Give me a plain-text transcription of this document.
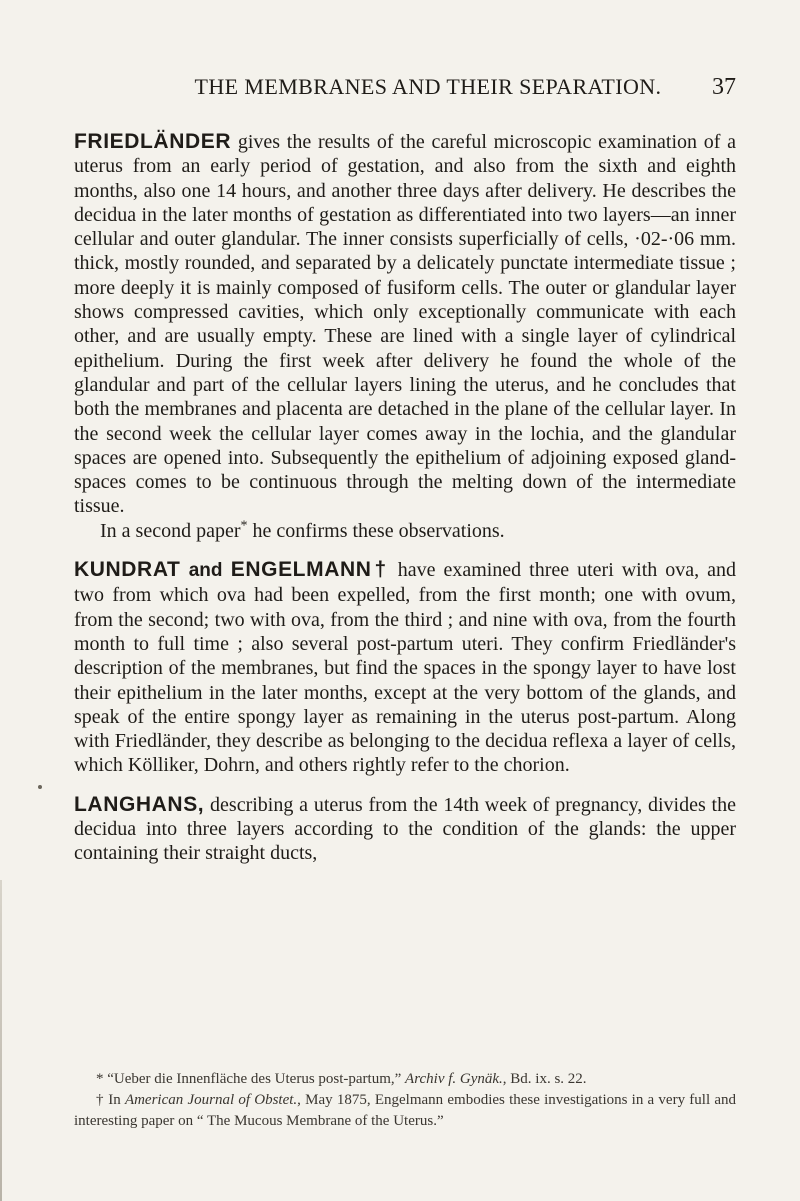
THE MEMBRANES AND THEIR SEPARATION.	37

FRIEDLÄNDER gives the results of the careful microscopic examination of a uterus from an early period of gestation, and also from the sixth and eighth months, also one 14 hours, and another three days after delivery. He describes the decidua in the later months of gestation as differentiated into two layers—an inner cellular and outer glandular. The inner consists superficially of cells, ·02-·06 mm. thick, mostly rounded, and separated by a delicately punctate intermediate tissue ; more deeply it is mainly composed of fusiform cells. The outer or glandular layer shows compressed cavities, which only exceptionally communicate with each other, and are usually empty. These are lined with a single layer of cylindrical epithelium. During the first week after delivery he found the whole of the glandular and part of the cellular layers lining the uterus, and he concludes that both the membranes and placenta are detached in the plane of the cellular layer. In the second week the cellular layer comes away in the lochia, and the glandular spaces are opened into. Subsequently the epithelium of adjoining exposed gland-spaces comes to be continuous through the melting down of the intermediate tissue.

In a second paper* he confirms these observations.

KUNDRAT and ENGELMANN† have examined three uteri with ova, and two from which ova had been expelled, from the first month; one with ovum, from the second; two with ova, from the third ; and nine with ova, from the fourth month to full time ; also several post-partum uteri. They confirm Friedländer's description of the membranes, but find the spaces in the spongy layer to have lost their epithelium in the later months, except at the very bottom of the glands, and speak of the entire spongy layer as remaining in the uterus post-partum. Along with Friedländer, they describe as belonging to the decidua reflexa a layer of cells, which Kölliker, Dohrn, and others rightly refer to the chorion.

LANGHANS, describing a uterus from the 14th week of pregnancy, divides the decidua into three layers according to the condition of the glands: the upper containing their straight ducts,

* “Ueber die Innenfläche des Uterus post-partum,” Archiv f. Gynäk., Bd. ix. s. 22.

† In American Journal of Obstet., May 1875, Engelmann embodies these investigations in a very full and interesting paper on “ The Mucous Membrane of the Uterus.”
